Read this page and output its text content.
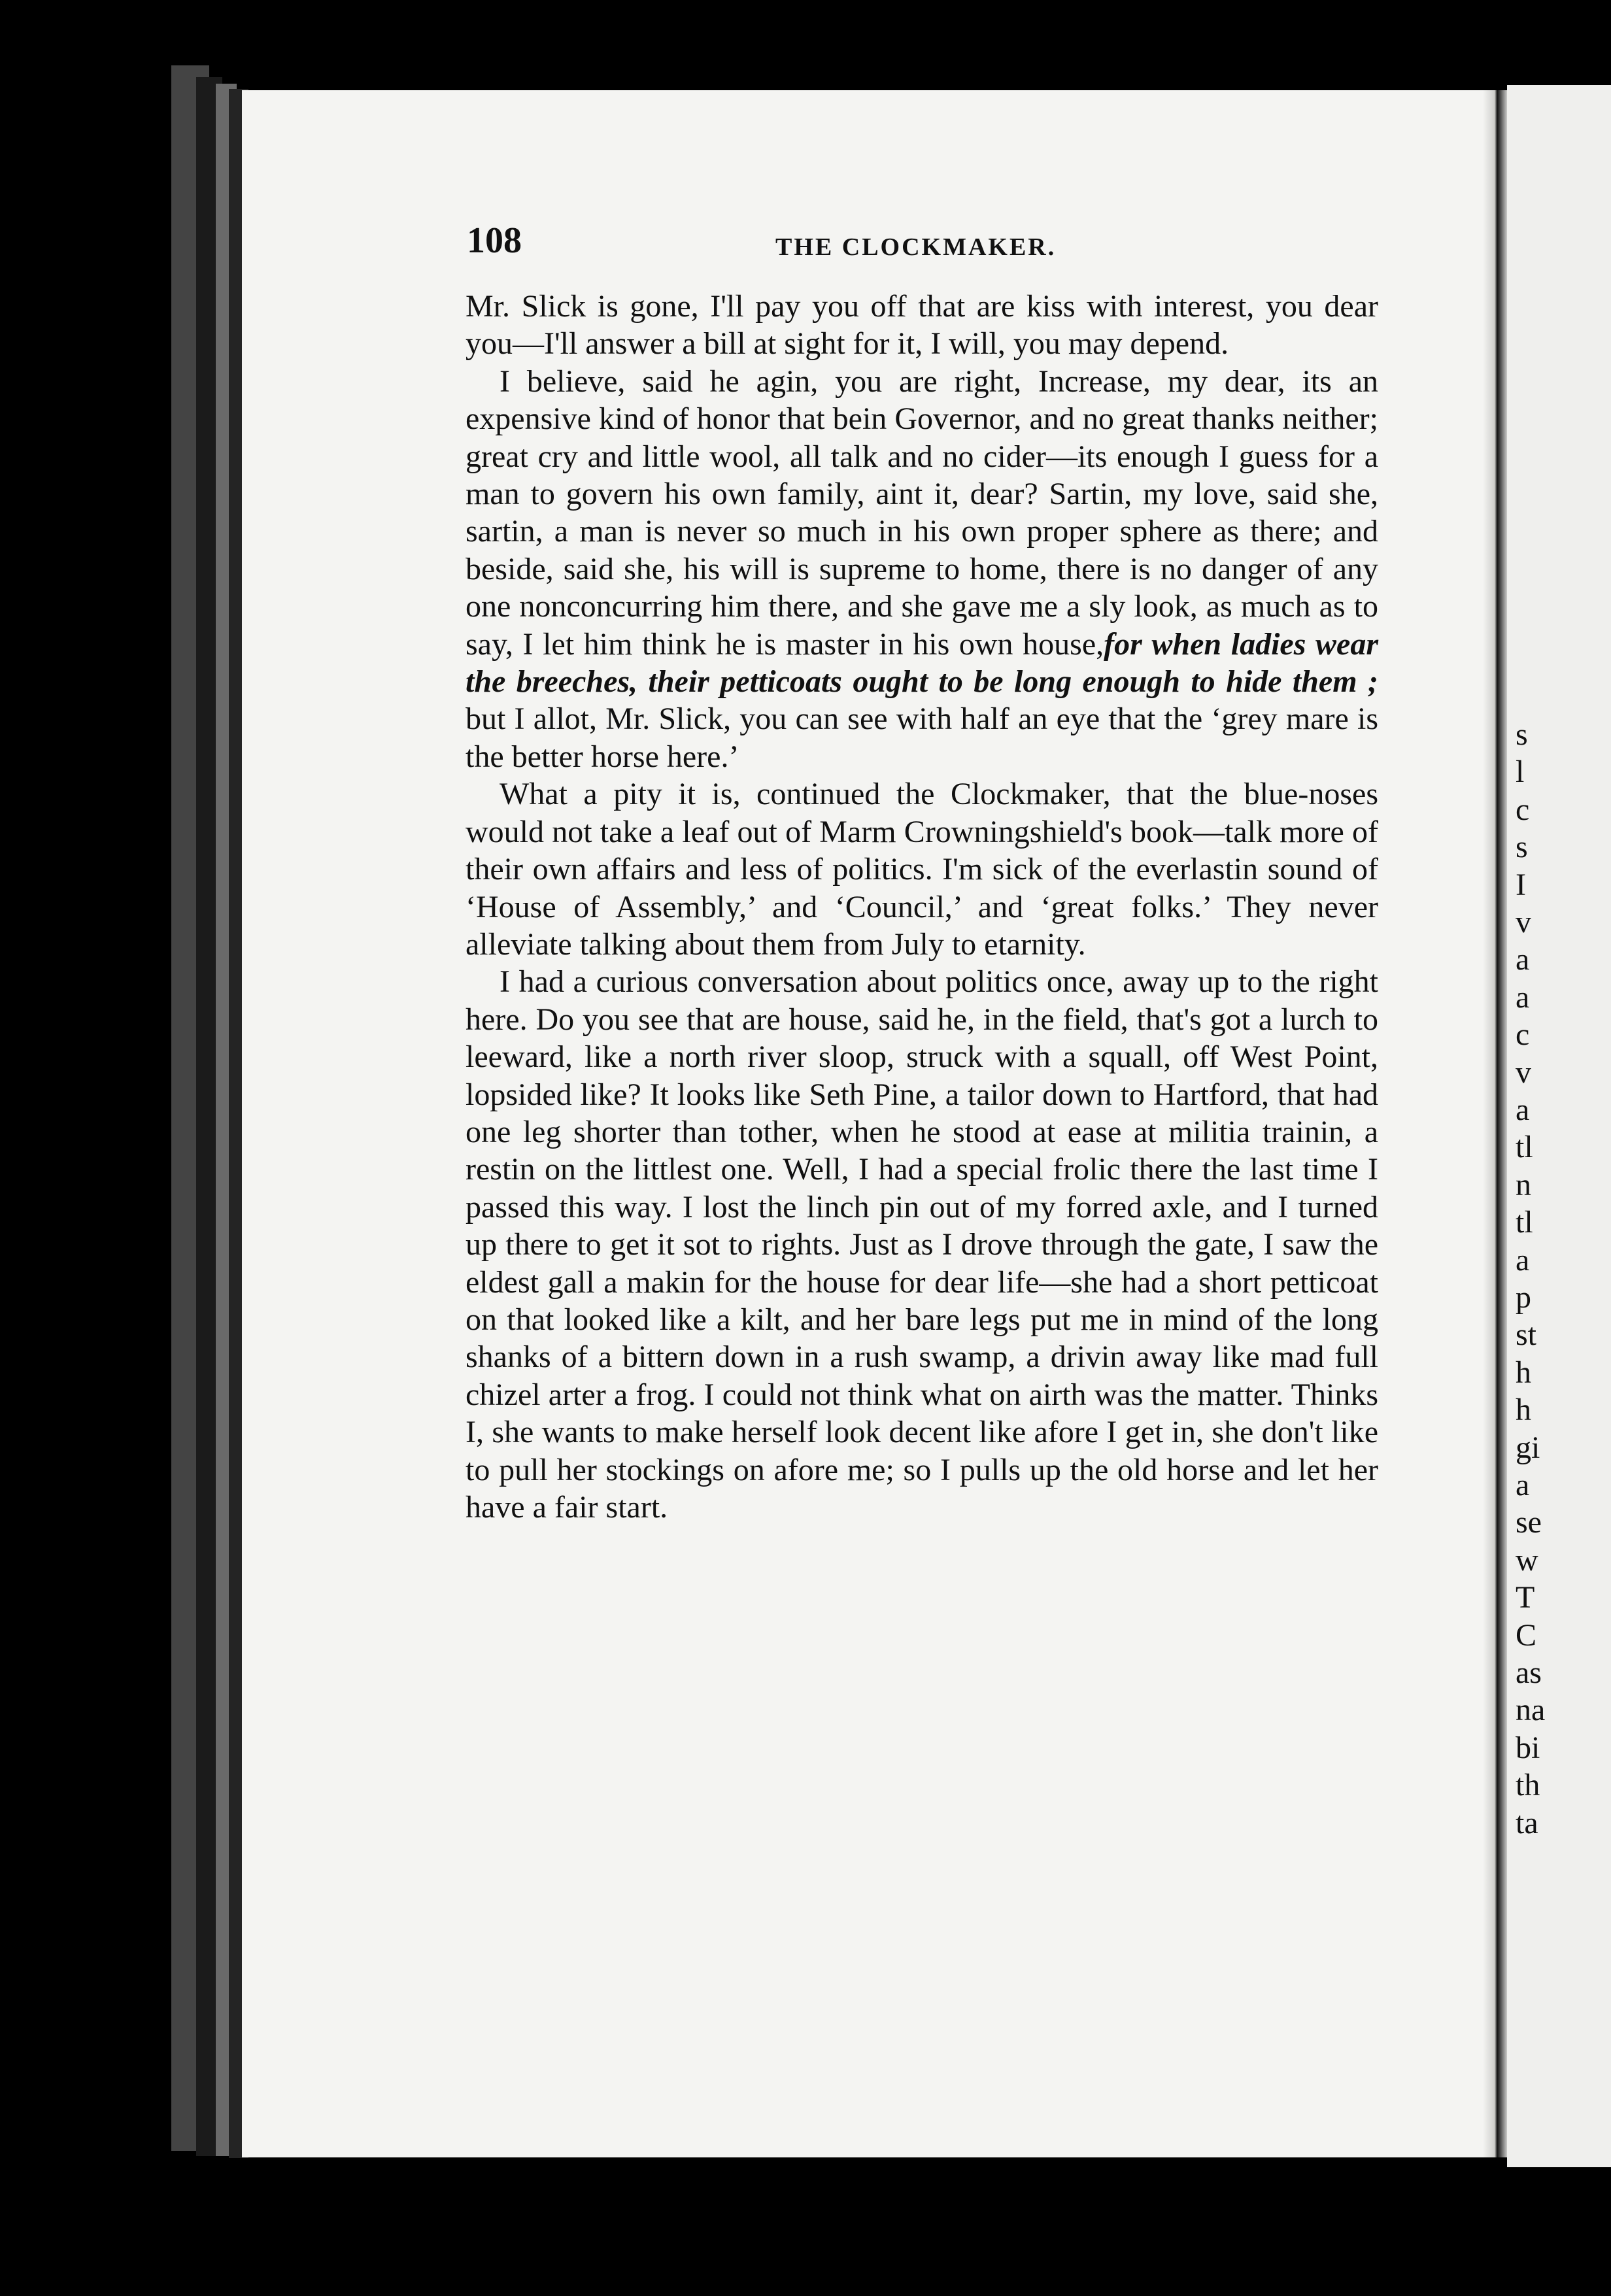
108	THE CLOCKMAKER.

Mr. Slick is gone, I'll pay you off that are kiss with interest, you dear you—I'll answer a bill at sight for it, I will, you may depend.

I believe, said he agin, you are right, Increase, my dear, its an expensive kind of honor that bein Governor, and no great thanks neither; great cry and little wool, all talk and no cider—its enough I guess for a man to govern his own family, aint it, dear? Sartin, my love, said she, sartin, a man is never so much in his own proper sphere as there; and beside, said she, his will is supreme to home, there is no danger of any one nonconcurring him there, and she gave me a sly look, as much as to say, I let him think he is master in his own house,for when ladies wear the breeches, their petticoats ought to be long enough to hide them ; but I allot, Mr. Slick, you can see with half an eye that the ‘grey mare is the better horse here.’

What a pity it is, continued the Clockmaker, that the blue-noses would not take a leaf out of Marm Crowningshield's book—talk more of their own affairs and less of politics. I'm sick of the everlastin sound of ‘House of Assembly,’ and ‘Council,’ and ‘great folks.’ They never alleviate talking about them from July to etarnity.

I had a curious conversation about politics once, away up to the right here. Do you see that are house, said he, in the field, that's got a lurch to leeward, like a north river sloop, struck with a squall, off West Point, lopsided like? It looks like Seth Pine, a tailor down to Hartford, that had one leg shorter than tother, when he stood at ease at militia trainin, a restin on the littlest one. Well, I had a special frolic there the last time I passed this way. I lost the linch pin out of my forred axle, and I turned up there to get it sot to rights. Just as I drove through the gate, I saw the eldest gall a makin for the house for dear life—she had a short petticoat on that looked like a kilt, and her bare legs put me in mind of the long shanks of a bittern down in a rush swamp, a drivin away like mad full chizel arter a frog. I could not think what on airth was the matter. Thinks I, she wants to make herself look decent like afore I get in, she don't like to pull her stockings on afore me; so I pulls up the old horse and let her have a fair start.

s
l
c
s
I
v
a
a
c
v
a
tl
n
tl
a
p
st
h
h
gi
a
se
w
T
C
as
na
bi
th
ta
